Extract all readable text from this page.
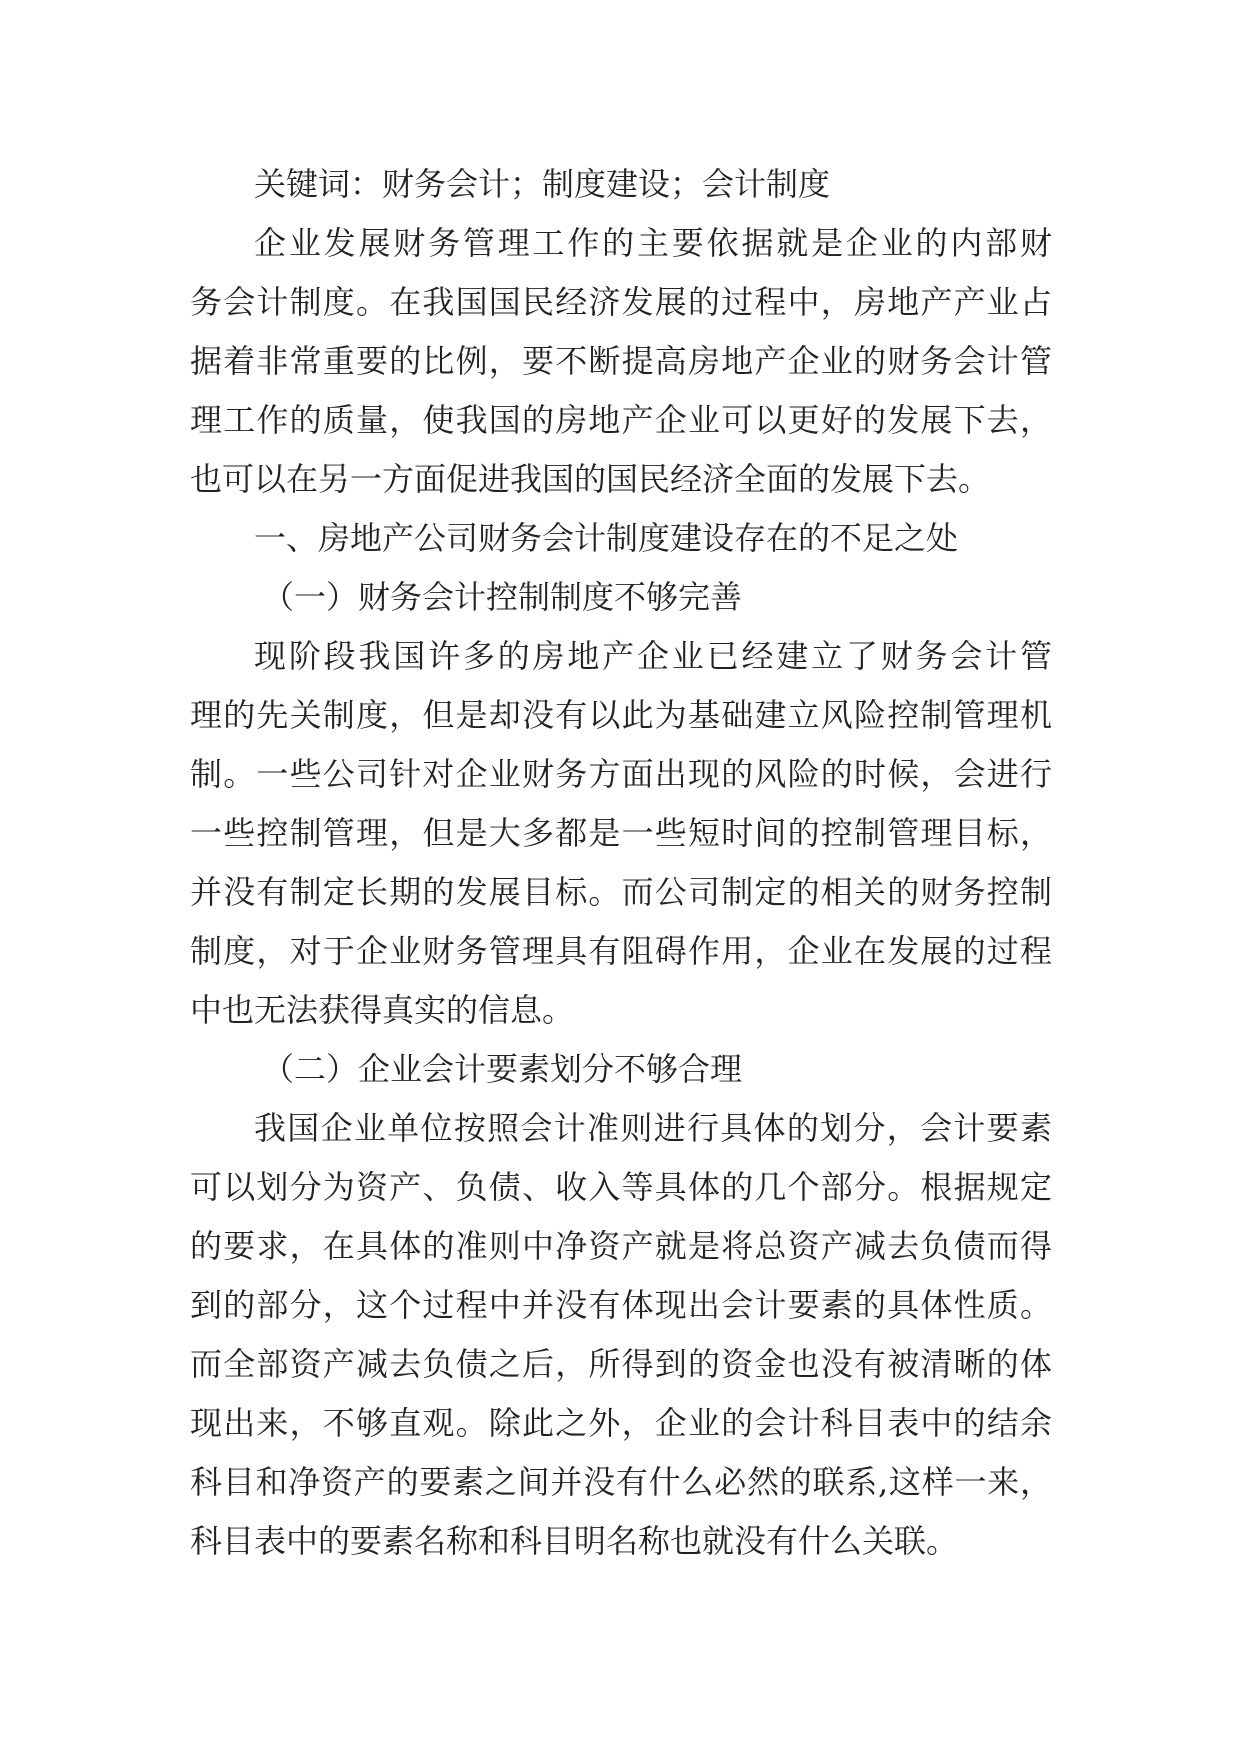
关键词：财务会计；制度建设；会计制度
企业发展财务管理工作的主要依据就是企业的内部财
务会计制度。在我国国民经济发展的过程中，房地产产业占
据着非常重要的比例，要不断提高房地产企业的财务会计管
理工作的质量，使我国的房地产企业可以更好的发展下去，
也可以在另一方面促进我国的国民经济全面的发展下去。
一、房地产公司财务会计制度建设存在的不足之处
（一）财务会计控制制度不够完善
现阶段我国许多的房地产企业已经建立了财务会计管
理的先关制度，但是却没有以此为基础建立风险控制管理机
制。一些公司针对企业财务方面出现的风险的时候，会进行
一些控制管理，但是大多都是一些短时间的控制管理目标，
并没有制定长期的发展目标。而公司制定的相关的财务控制
制度，对于企业财务管理具有阻碍作用，企业在发展的过程
中也无法获得真实的信息。
（二）企业会计要素划分不够合理
我国企业单位按照会计准则进行具体的划分，会计要素
可以划分为资产、负债、收入等具体的几个部分。根据规定
的要求，在具体的准则中净资产就是将总资产减去负债而得
到的部分，这个过程中并没有体现出会计要素的具体性质。
而全部资产减去负债之后，所得到的资金也没有被清晰的体
现出来，不够直观。除此之外，企业的会计科目表中的结余
科目和净资产的要素之间并没有什么必然的联系,这样一来，
科目表中的要素名称和科目明名称也就没有什么关联。
